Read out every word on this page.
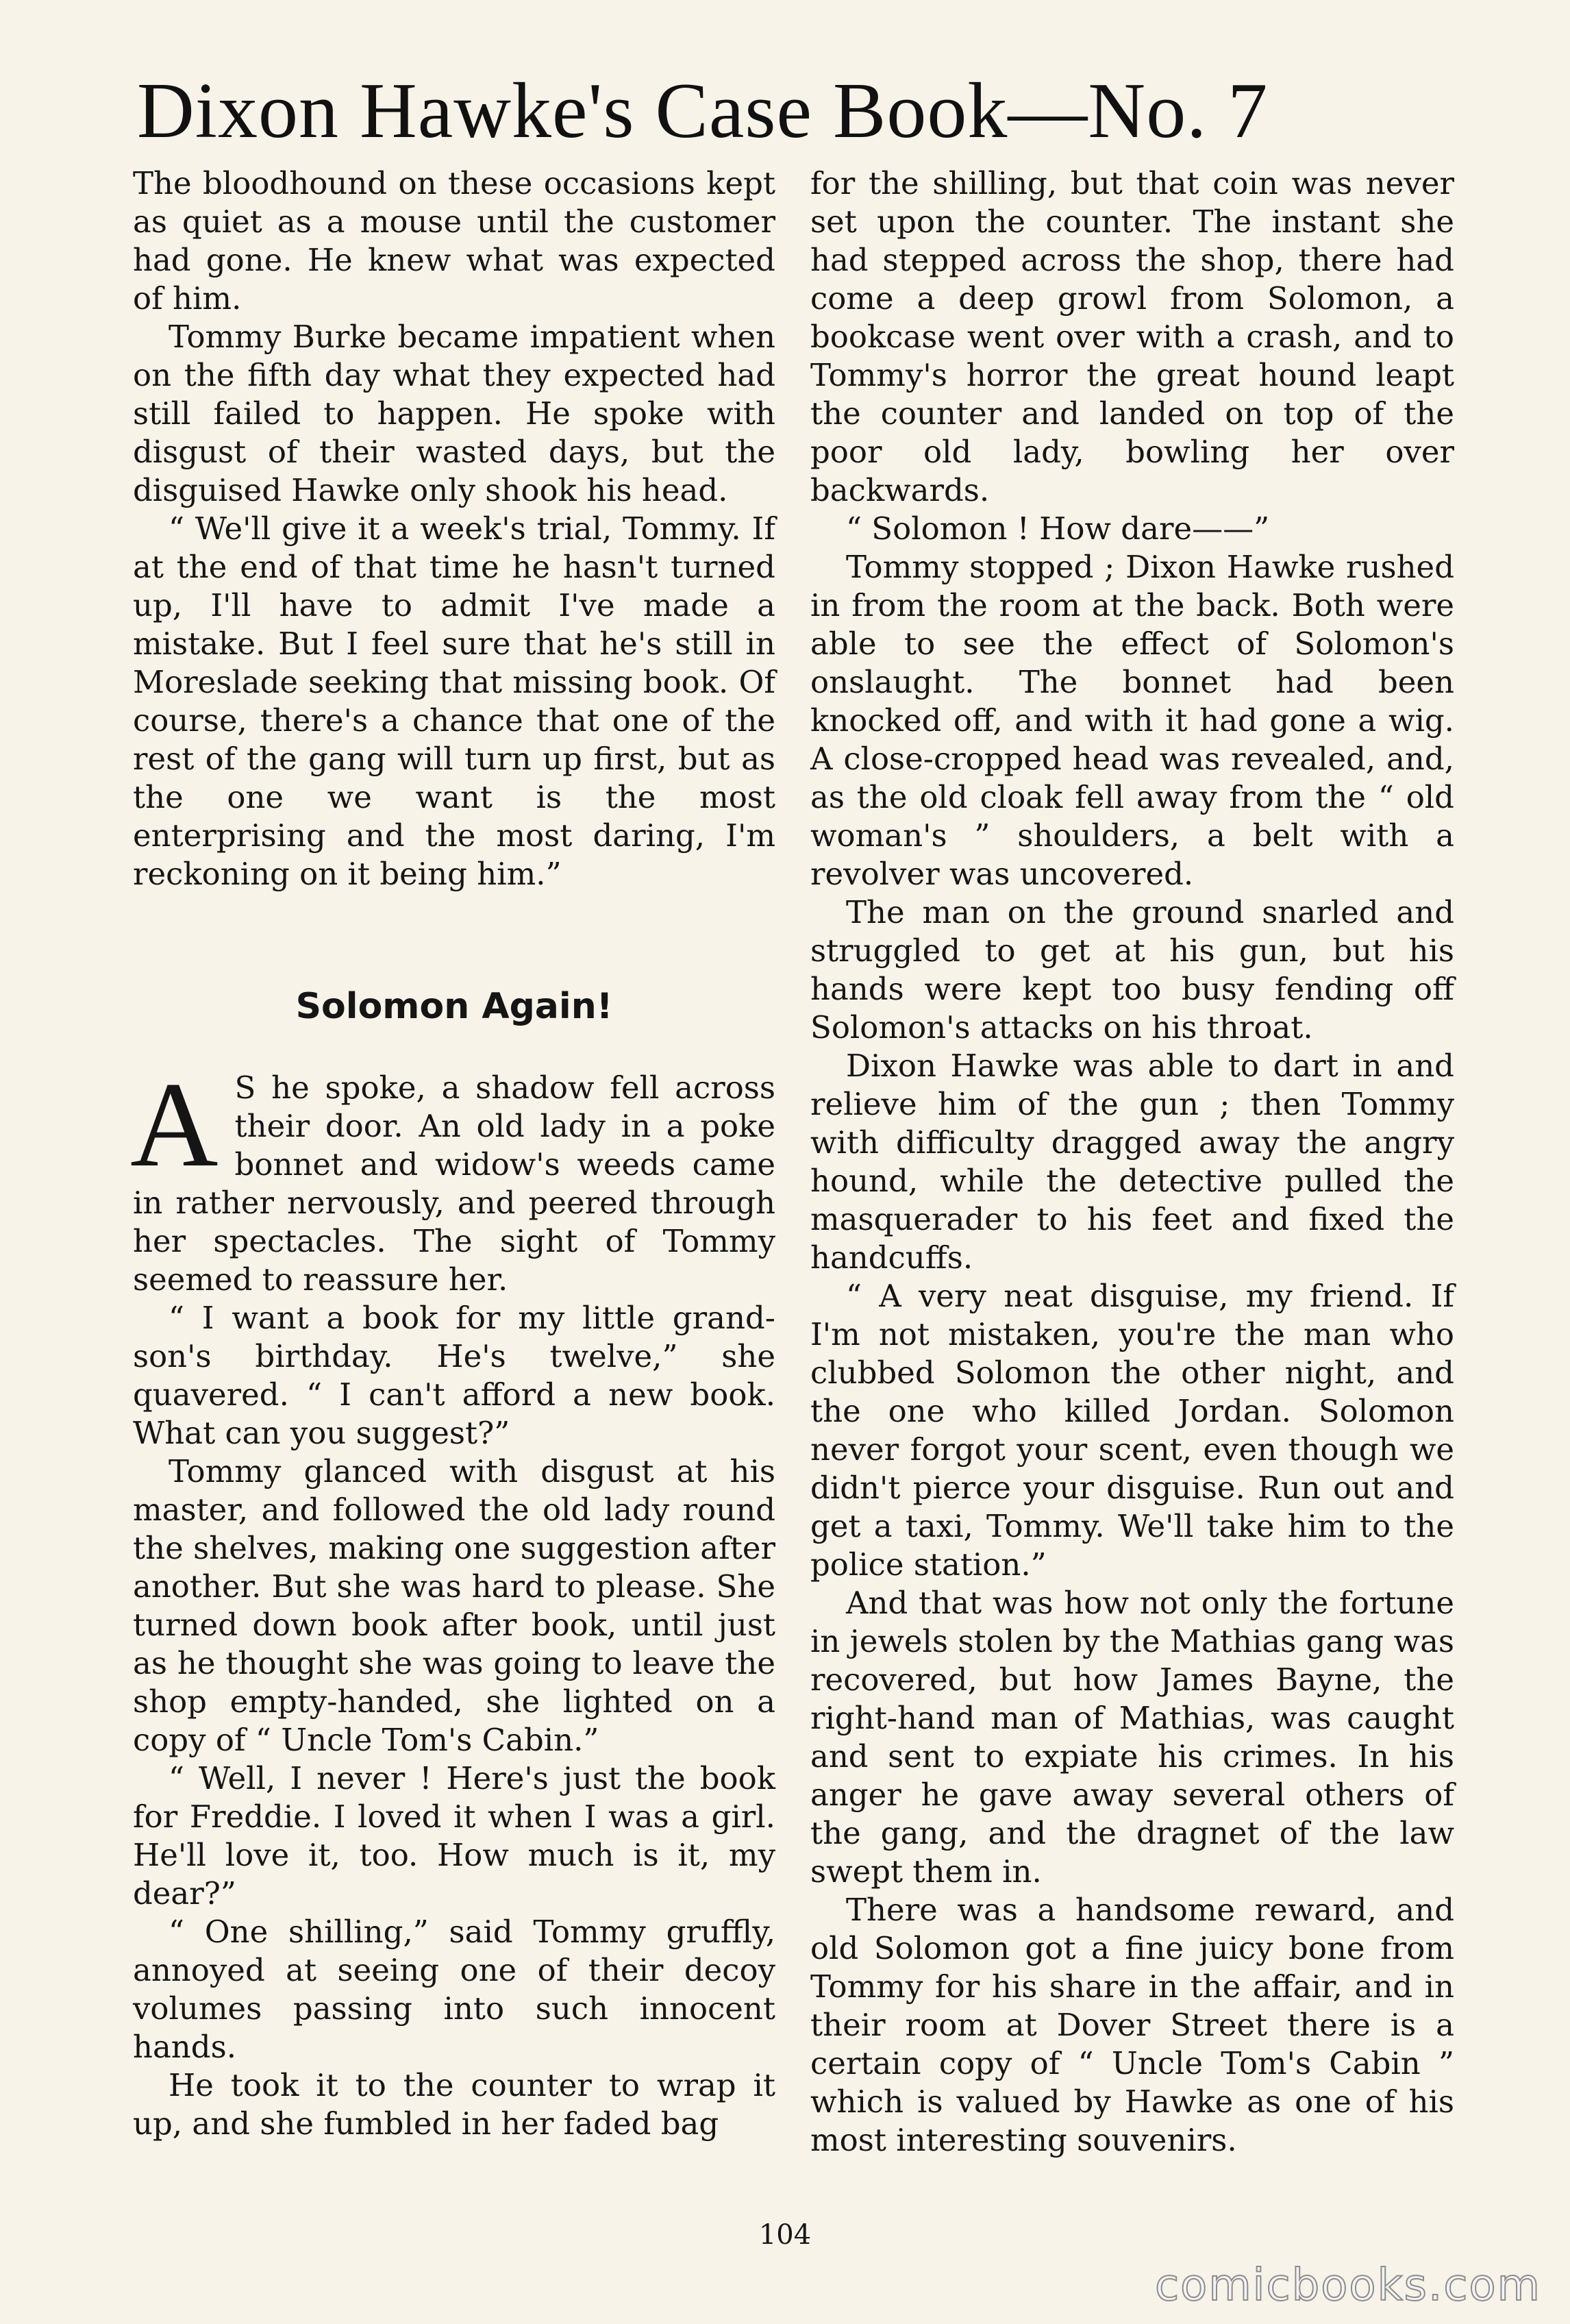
Dixon Hawke's Case Book—No. 7

The bloodhound on these occasions kept as quiet as a mouse until the customer had gone. He knew what was expected of him.

Tommy Burke became impatient when on the fifth day what they expected had still failed to happen. He spoke with disgust of their wasted days, but the disguised Hawke only shook his head.

“ We'll give it a week's trial, Tommy. If at the end of that time he hasn't turned up, I'll have to admit I've made a mistake. But I feel sure that he's still in Moreslade seeking that missing book. Of course, there's a chance that one of the rest of the gang will turn up first, but as the one we want is the most enterprising and the most daring, I'm reckoning on it being him.”

Solomon Again!

A S he spoke, a shadow fell across their door. An old lady in a poke bonnet and widow's weeds came in rather nervously, and peered through her spectacles. The sight of Tommy seemed to reassure her.

“ I want a book for my little grandson's birthday. He's twelve,” she quavered. “ I can't afford a new book. What can you suggest?”

Tommy glanced with disgust at his master, and followed the old lady round the shelves, making one suggestion after another. But she was hard to please. She turned down book after book, until just as he thought she was going to leave the shop empty-handed, she lighted on a copy of “ Uncle Tom's Cabin.”

“ Well, I never ! Here's just the book for Freddie. I loved it when I was a girl. He'll love it, too. How much is it, my dear?”

“ One shilling,” said Tommy gruffly, annoyed at seeing one of their decoy volumes passing into such innocent hands.

He took it to the counter to wrap it up, and she fumbled in her faded bag

for the shilling, but that coin was never set upon the counter. The instant she had stepped across the shop, there had come a deep growl from Solomon, a bookcase went over with a crash, and to Tommy's horror the great hound leapt the counter and landed on top of the poor old lady, bowling her over backwards.

“ Solomon ! How dare——”

Tommy stopped ; Dixon Hawke rushed in from the room at the back. Both were able to see the effect of Solomon's onslaught. The bonnet had been knocked off, and with it had gone a wig. A close-cropped head was revealed, and, as the old cloak fell away from the “ old woman's ” shoulders, a belt with a revolver was uncovered.

The man on the ground snarled and struggled to get at his gun, but his hands were kept too busy fending off Solomon's attacks on his throat.

Dixon Hawke was able to dart in and relieve him of the gun ; then Tommy with difficulty dragged away the angry hound, while the detective pulled the masquerader to his feet and fixed the handcuffs.

“ A very neat disguise, my friend. If I'm not mistaken, you're the man who clubbed Solomon the other night, and the one who killed Jordan. Solomon never forgot your scent, even though we didn't pierce your disguise. Run out and get a taxi, Tommy. We'll take him to the police station.”

And that was how not only the fortune in jewels stolen by the Mathias gang was recovered, but how James Bayne, the right-hand man of Mathias, was caught and sent to expiate his crimes. In his anger he gave away several others of the gang, and the dragnet of the law swept them in.

There was a handsome reward, and old Solomon got a fine juicy bone from Tommy for his share in the affair, and in their room at Dover Street there is a certain copy of “ Uncle Tom's Cabin ” which is valued by Hawke as one of his most interesting souvenirs.

104
comicbooks.com
